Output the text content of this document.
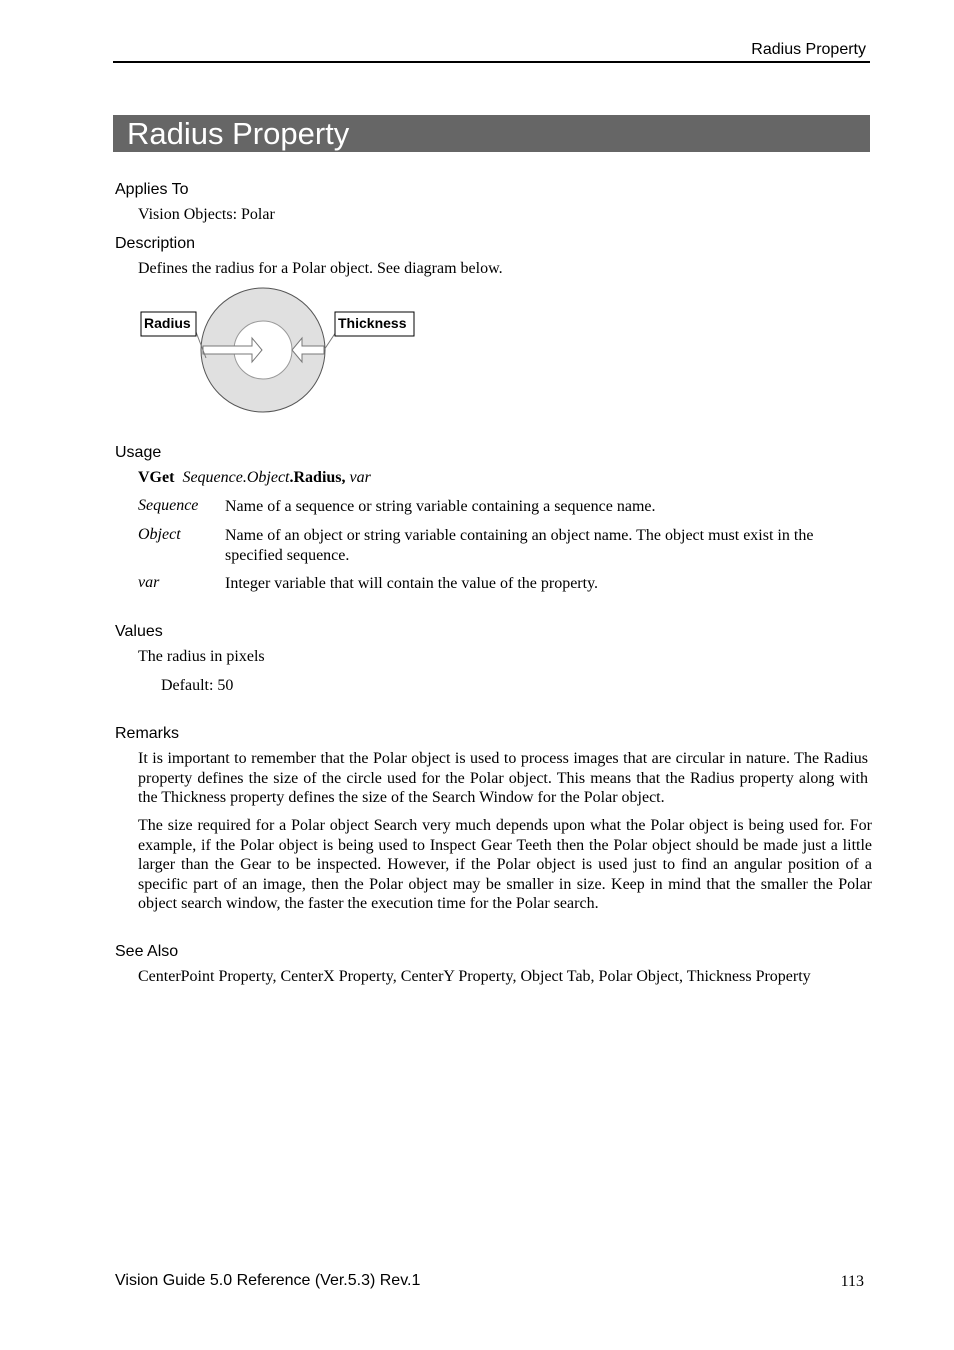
Radius Property
Radius Property
Applies To
Vision Objects: Polar
Description
Defines the radius for a Polar object. See diagram below.
Radius	Thickness
Usage
VGet Sequence.Object.Radius, var
Sequence Name of a sequence or string variable containing a sequence name.
Object	Name of an object or string variable containing an object name. The object must exist in the specified sequence.
var	Integer variable that will contain the value of the property.
Values
The radius in pixels
Default: 50
Remarks
It is important to remember that the Polar object is used to process images that are circular in nature. The Radius property defines the size of the circle used for the Polar object. This means that the Radius property along with the Thickness property defines the size of the Search Window for the Polar object.
The size required for a Polar object Search very much depends upon what the Polar object is being used for. For example, if the Polar object is being used to Inspect Gear Teeth then the Polar object should be made just a little larger than the Gear to be inspected. However, if the Polar object is used just to find an angular position of a specific part of an image, then the Polar object may be smaller in size. Keep in mind that the smaller the Polar object search window, the faster the execution time for the Polar search.
See Also
CenterPoint Property, CenterX Property, CenterY Property, Object Tab, Polar Object, Thickness Property
Vision Guide 5.0 Reference (Ver.5.3) Rev.1	113
